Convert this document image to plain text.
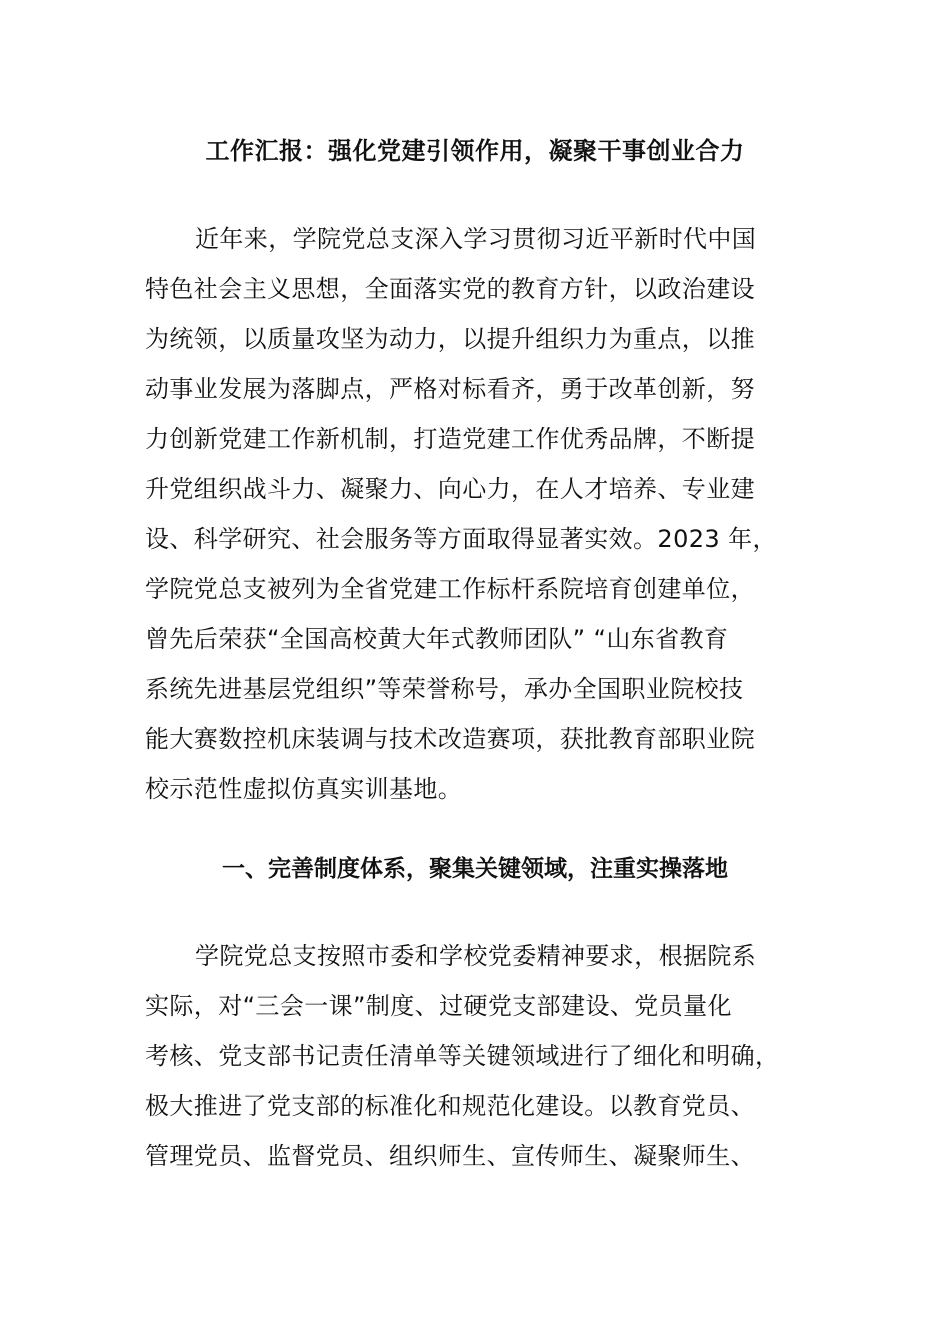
工作汇报：强化党建引领作用，凝聚干事创业合力
近年来，学院党总支深入学习贯彻习近平新时代中国
特色社会主义思想，全面落实党的教育方针，以政治建设
为统领，以质量攻坚为动力，以提升组织力为重点，以推
动事业发展为落脚点，严格对标看齐，勇于改革创新，努
力创新党建工作新机制，打造党建工作优秀品牌，不断提
升党组织战斗力、凝聚力、向心力，在人才培养、专业建
设、科学研究、社会服务等方面取得显著实效。2023 年，
学院党总支被列为全省党建工作标杆系院培育创建单位，
曾先后荣获“全国高校黄大年式教师团队” “山东省教育
系统先进基层党组织”等荣誉称号，承办全国职业院校技
能大赛数控机床装调与技术改造赛项，获批教育部职业院
校示范性虚拟仿真实训基地。
一、完善制度体系，聚集关键领域，注重实操落地
学院党总支按照市委和学校党委精神要求，根据院系
实际，对“三会一课”制度、过硬党支部建设、党员量化
考核、党支部书记责任清单等关键领域进行了细化和明确，
极大推进了党支部的标准化和规范化建设。以教育党员、
管理党员、监督党员、组织师生、宣传师生、凝聚师生、
